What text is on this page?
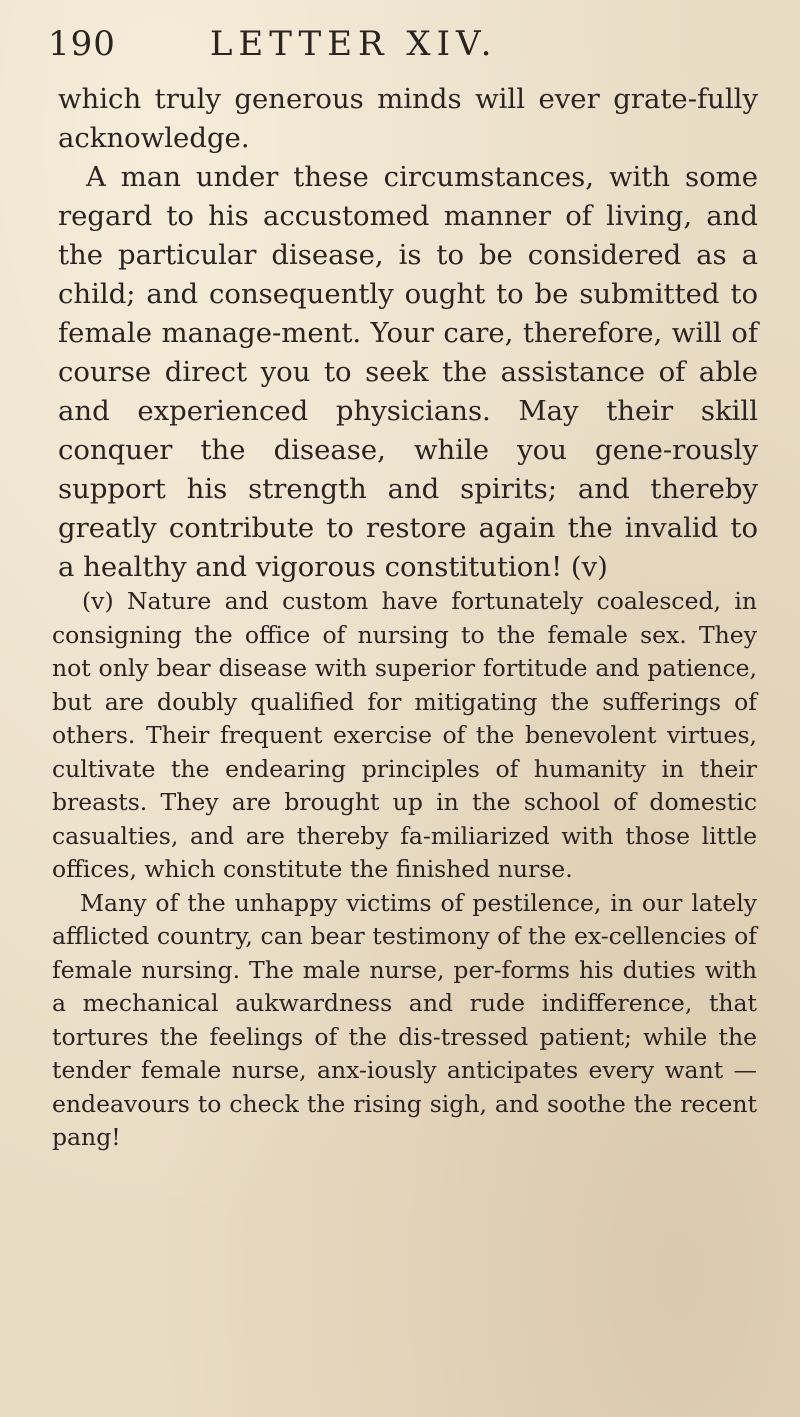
190	LETTER XIV.

which truly generous minds will ever grate-fully acknowledge.

A man under these circumstances, with some regard to his accustomed manner of living, and the particular disease, is to be considered as a child; and consequently ought to be submitted to female manage-ment. Your care, therefore, will of course direct you to seek the assistance of able and experienced physicians. May their skill conquer the disease, while you gene-rously support his strength and spirits; and thereby greatly contribute to restore again the invalid to a healthy and vigorous constitution! (v)

(v) Nature and custom have fortunately coalesced, in consigning the office of nursing to the female sex. They not only bear disease with superior fortitude and patience, but are doubly qualified for mitigating the sufferings of others. Their frequent exercise of the benevolent virtues, cultivate the endearing principles of humanity in their breasts. They are brought up in the school of domestic casualties, and are thereby fa-miliarized with those little offices, which constitute the finished nurse.

Many of the unhappy victims of pestilence, in our lately afflicted country, can bear testimony of the ex-cellencies of female nursing. The male nurse, per-forms his duties with a mechanical aukwardness and rude indifference, that tortures the feelings of the dis-tressed patient; while the tender female nurse, anx-iously anticipates every want —endeavours to check the rising sigh, and soothe the recent pang!
